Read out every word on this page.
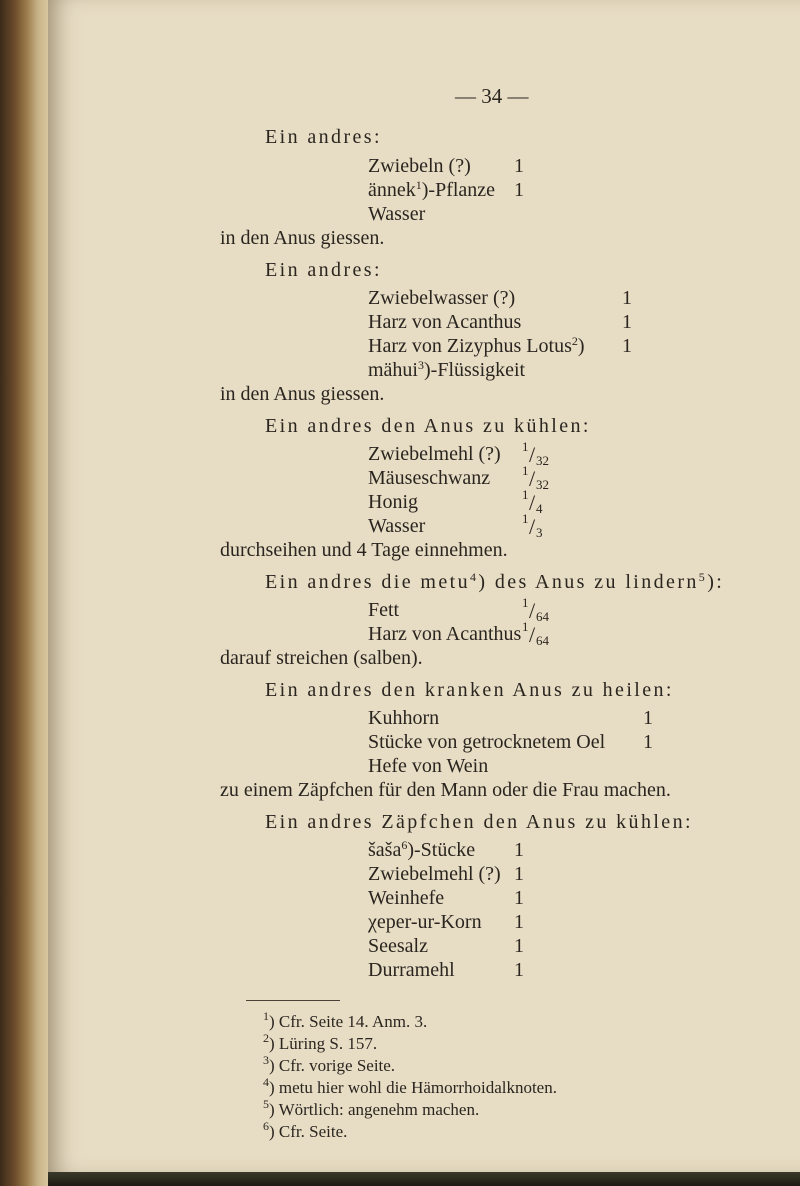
— 34 —
Ein andres:
Zwiebeln (?) 1
ännek$^1$)-Pflanze 1
Wasser
in den Anus giessen.
Ein andres:
Zwiebelwasser (?)	1
Harz von Acanthus	1
Harz von Zizyphus Lotus$^2$) 1
mähui$^3$)-Flüssigkeit
in den Anus giessen.
Ein andres den Anus zu kühlen:
Zwiebelmehl (?) 1 / 32
Mäuseschwanz 1 / 32
Honig	1 / 4
Wasser	1 / 3
durchseihen und 4 Tage einnehmen.
Ein andres die metu$^4$) des Anus zu lindern$^5$):
Fett	1 / 64
Harz von Acanthus 1 / 64
darauf streichen (salben).
Ein andres den kranken Anus zu heilen:
Kuhhorn	1
Stücke von getrocknetem Oel 1
Hefe von Wein
zu einem Zäpfchen für den Mann oder die Frau machen.
Ein andres Zäpfchen den Anus zu kühlen:
šaša$^6$)-Stücke 1
Zwiebelmehl (?) 1
Weinhefe	1
χeper-ur-Korn 1
Seesalz	1
Durramehl	1
$^1$) Cfr. Seite 14. Anm. 3.
$^2$) Lüring S. 157.
$^3$) Cfr. vorige Seite.
$^4$) metu hier wohl die Hämorrhoidalknoten.
$^5$) Wörtlich: angenehm machen.
$^6$) Cfr. Seite.
